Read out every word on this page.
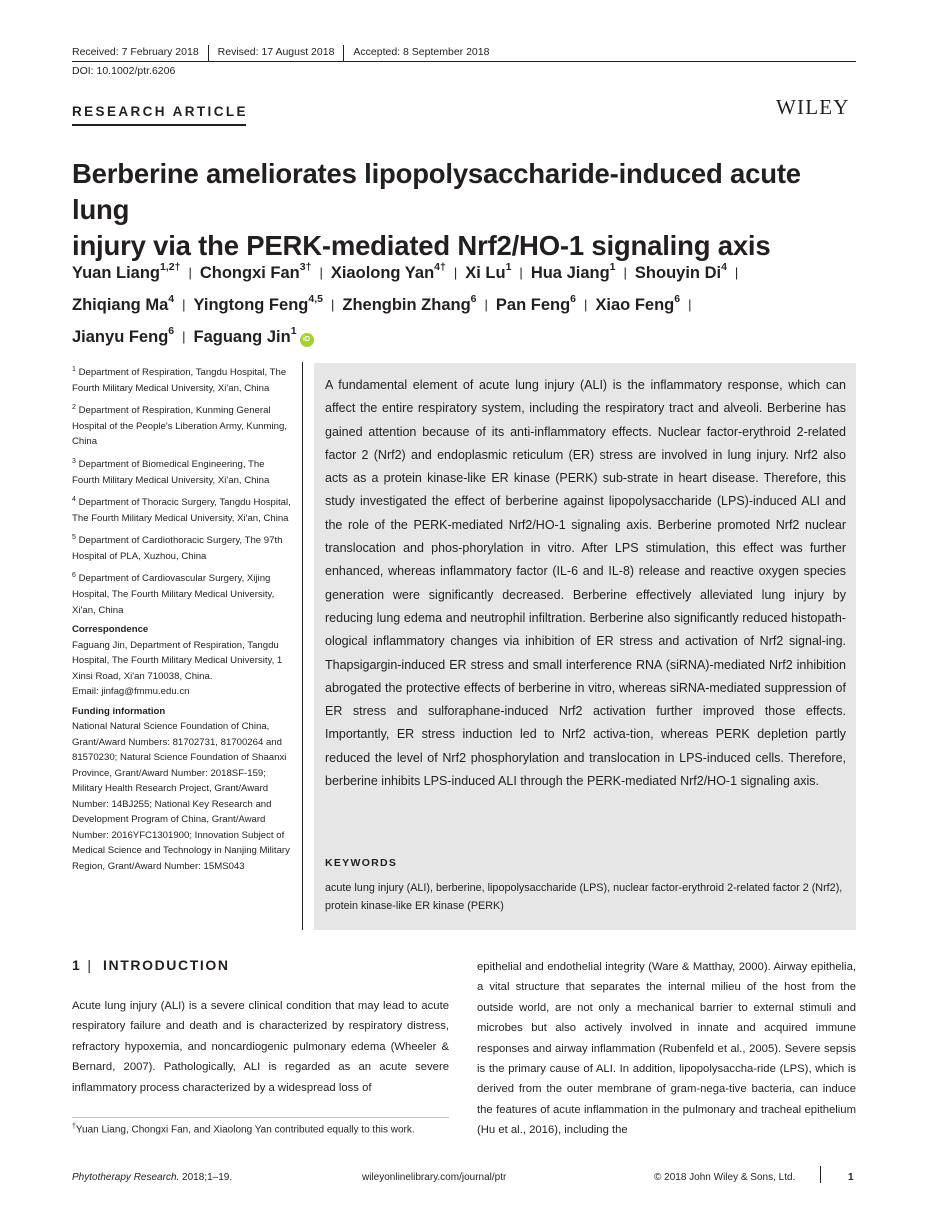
Received: 7 February 2018 Revised: 17 August 2018 Accepted: 8 September 2018
DOI: 10.1002/ptr.6206
RESEARCH ARTICLE	WILEY
Berberine ameliorates lipopolysaccharide-induced acute lung
injury via the PERK-mediated Nrf2/HO-1 signaling axis
Yuan Liang$^{1,2\dagger}$ | Chongxi Fan$^{3\dagger}$ | Xiaolong Yan$^{4\dagger}$ | Xi Lu$^1$ | Hua Jiang$^1$ | Shouyin Di$^4$ |
Zhiqiang Ma$^4$ | Yingtong Feng$^{4,5}$ | Zhengbin Zhang$^6$ | Pan Feng$^6$ | Xiao Feng$^6$ |
Jianyu Feng$^6$ | Faguang Jin$^1$iD
$^1$ Department of Respiration, Tangdu Hospital, The Fourth Military Medical University, Xi'an, China
$^2$ Department of Respiration, Kunming General Hospital of the People's Liberation Army, Kunming, China
$^3$ Department of Biomedical Engineering, The Fourth Military Medical University, Xi'an, China
$^4$ Department of Thoracic Surgery, Tangdu Hospital, The Fourth Military Medical University, Xi'an, China
$^5$ Department of Cardiothoracic Surgery, The 97th Hospital of PLA, Xuzhou, China
$^6$ Department of Cardiovascular Surgery, Xijing Hospital, The Fourth Military Medical University, Xi'an, China
Correspondence
Faguang Jin, Department of Respiration, Tangdu Hospital, The Fourth Military Medical University, 1 Xinsi Road, Xi'an 710038, China.
Email: jinfag@fmmu.edu.cn
Funding information
National Natural Science Foundation of China, Grant/Award Numbers: 81702731, 81700264 and 81570230; Natural Science Foundation of Shaanxi Province, Grant/Award Number: 2018SF-159; Military Health Research Project, Grant/Award Number: 14BJ255; National Key Research and Development Program of China, Grant/Award Number: 2016YFC1301900; Innovation Subject of Medical Science and Technology in Nanjing Military Region, Grant/Award Number: 15MS043
A fundamental element of acute lung injury (ALI) is the inflammatory response, which can affect the entire respiratory system, including the respiratory tract and alveoli. Berberine has gained attention because of its anti-inflammatory effects. Nuclear factor-erythroid 2-related factor 2 (Nrf2) and endoplasmic reticulum (ER) stress are involved in lung injury. Nrf2 also acts as a protein kinase-like ER kinase (PERK) sub-strate in heart disease. Therefore, this study investigated the effect of berberine against lipopolysaccharide (LPS)-induced ALI and the role of the PERK-mediated Nrf2/HO-1 signaling axis. Berberine promoted Nrf2 nuclear translocation and phos-phorylation in vitro. After LPS stimulation, this effect was further enhanced, whereas inflammatory factor (IL-6 and IL-8) release and reactive oxygen species generation were significantly decreased. Berberine effectively alleviated lung injury by reducing lung edema and neutrophil infiltration. Berberine also significantly reduced histopath-ological inflammatory changes via inhibition of ER stress and activation of Nrf2 signal-ing. Thapsigargin-induced ER stress and small interference RNA (siRNA)-mediated Nrf2 inhibition abrogated the protective effects of berberine in vitro, whereas siRNA-mediated suppression of ER stress and sulforaphane-induced Nrf2 activation further improved those effects. Importantly, ER stress induction led to Nrf2 activa-tion, whereas PERK depletion partly reduced the level of Nrf2 phosphorylation and translocation in LPS-induced cells. Therefore, berberine inhibits LPS-induced ALI through the PERK-mediated Nrf2/HO-1 signaling axis.
KEYWORDS
acute lung injury (ALI), berberine, lipopolysaccharide (LPS), nuclear factor-erythroid 2-related factor 2 (Nrf2), protein kinase-like ER kinase (PERK)
1 | INTRODUCTION
Acute lung injury (ALI) is a severe clinical condition that may lead to acute respiratory failure and death and is characterized by respiratory distress, refractory hypoxemia, and noncardiogenic pulmonary edema (Wheeler & Bernard, 2007). Pathologically, ALI is regarded as an acute severe inflammatory process characterized by a widespread loss of
epithelial and endothelial integrity (Ware & Matthay, 2000). Airway epithelia, a vital structure that separates the internal milieu of the host from the outside world, are not only a mechanical barrier to external stimuli and microbes but also actively involved in innate and acquired immune responses and airway inflammation (Rubenfeld et al., 2005). Severe sepsis is the primary cause of ALI. In addition, lipopolysaccha-ride (LPS), which is derived from the outer membrane of gram-nega-tive bacteria, can induce the features of acute inflammation in the pulmonary and tracheal epithelium (Hu et al., 2016), including the
†Yuan Liang, Chongxi Fan, and Xiaolong Yan contributed equally to this work.
Phytotherapy Research. 2018;1–19.	wileyonlinelibrary.com/journal/ptr	© 2018 John Wiley & Sons, Ltd.	1
